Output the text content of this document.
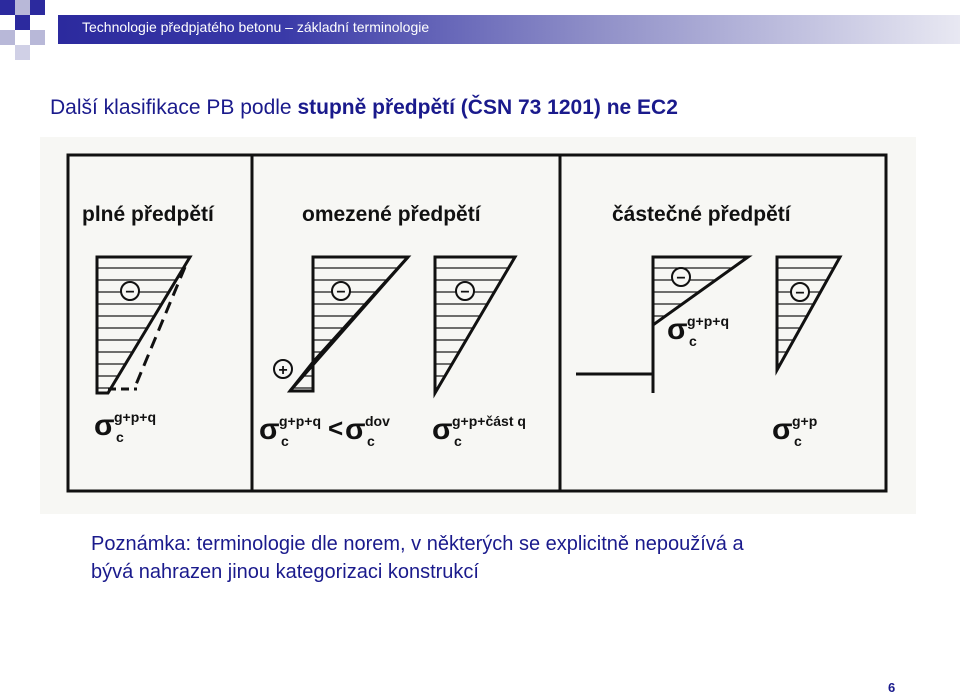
Technologie předpjatého betonu – základní terminologie
Další klasifikace PB podle stupně předpětí (ČSN 73 1201) ne EC2
plné předpětí	omezené předpětí	částečné předpětí
−	−
+
−
−
−
σ g+p+q
c	σ g+p+q
c < σ dov
c σ g+p+část q
c
σ g+p+q
c
σ g+p
c
Poznámka: terminologie dle norem, v některých se explicitně nepoužívá a
bývá nahrazen jinou kategorizaci konstrukcí
6
